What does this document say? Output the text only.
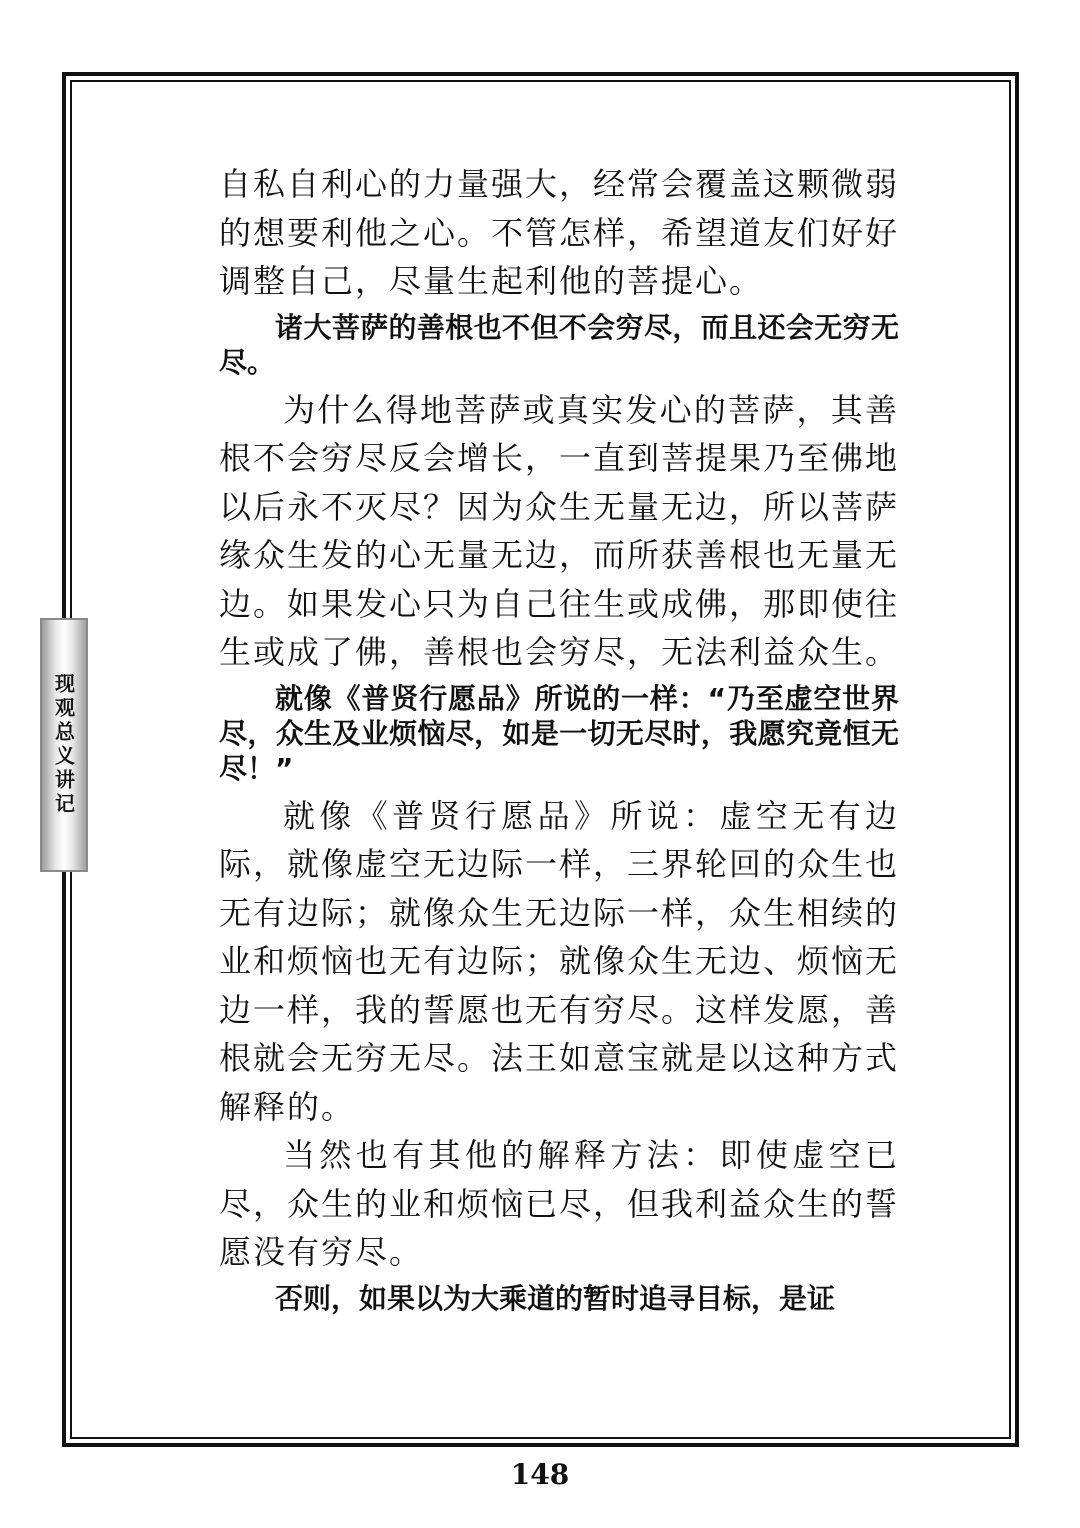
现观总义讲记

自私自利心的力量强大，经常会覆盖这颗微弱的想要利他之心。不管怎样，希望道友们好好调整自己，尽量生起利他的菩提心。

诸大菩萨的善根也不但不会穷尽，而且还会无穷无尽。

为什么得地菩萨或真实发心的菩萨，其善根不会穷尽反会增长，一直到菩提果乃至佛地以后永不灭尽？因为众生无量无边，所以菩萨缘众生发的心无量无边，而所获善根也无量无边。如果发心只为自己往生或成佛，那即使往生或成了佛，善根也会穷尽，无法利益众生。

就像《普贤行愿品》所说的一样：“乃至虚空世界尽，众生及业烦恼尽，如是一切无尽时，我愿究竟恒无尽！”

就像《普贤行愿品》所说：虚空无有边际，就像虚空无边际一样，三界轮回的众生也无有边际；就像众生无边际一样，众生相续的业和烦恼也无有边际；就像众生无边、烦恼无边一样，我的誓愿也无有穷尽。这样发愿，善根就会无穷无尽。法王如意宝就是以这种方式解释的。

当然也有其他的解释方法：即使虚空已尽，众生的业和烦恼已尽，但我利益众生的誓愿没有穷尽。

否则，如果以为大乘道的暂时追寻目标，是证

148
